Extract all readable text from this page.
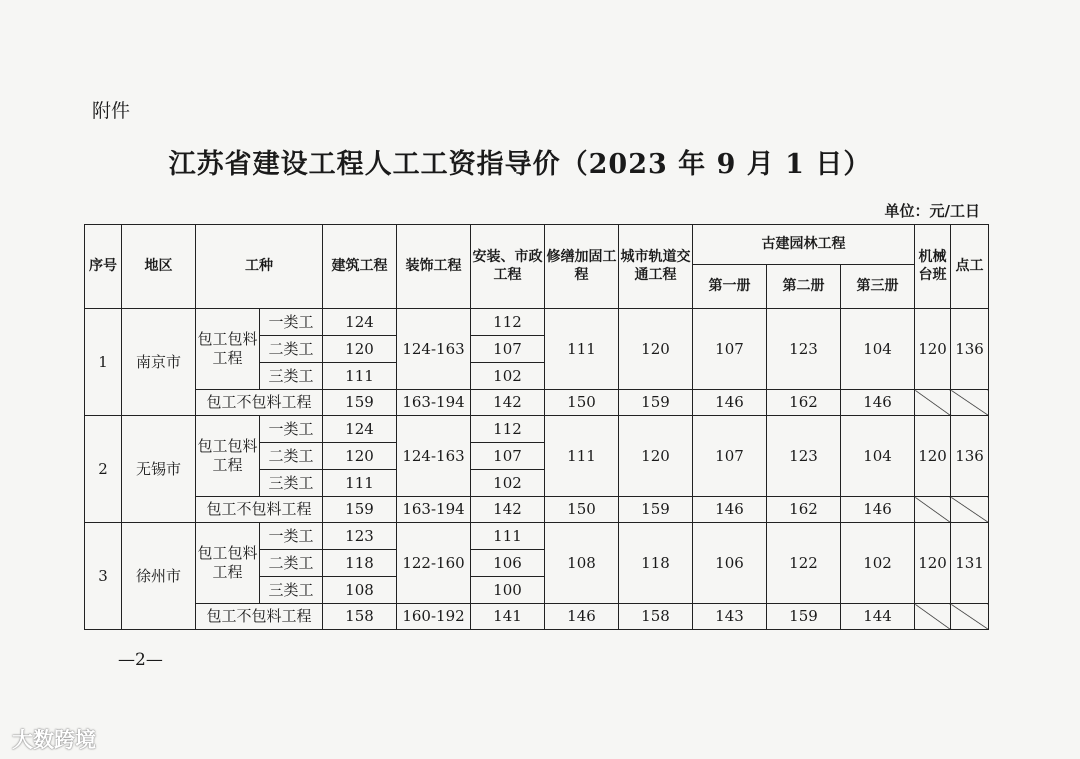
附件
江苏省建设工程人工工资指导价（2023 年 9 月 1 日）
单位：元/工日
序号	地区	工种		建筑工程	装饰工程	安装、市政工程	修缮加固工程	城市轨道交通工程	古建园林工程			机械台班	点工
									第一册	第二册	第三册		
1	南京市	包工包料工程	一类工	124	124-163	112	111	120	107	123	104	120	136
			二类工	120		107							
			三类工	111		102							
		包工不包料工程		159	163-194	142	150	159	146	162	146		
2	无锡市	包工包料工程	一类工	124	124-163	112	111	120	107	123	104	120	136
			二类工	120		107							
			三类工	111		102							
		包工不包料工程		159	163-194	142	150	159	146	162	146		
3	徐州市	包工包料工程	一类工	123	122-160	111	108	118	106	122	102	120	131
			二类工	118		106							
			三类工	108		100							
		包工不包料工程		158	160-192	141	146	158	143	159	144		
—2—
大数跨境
